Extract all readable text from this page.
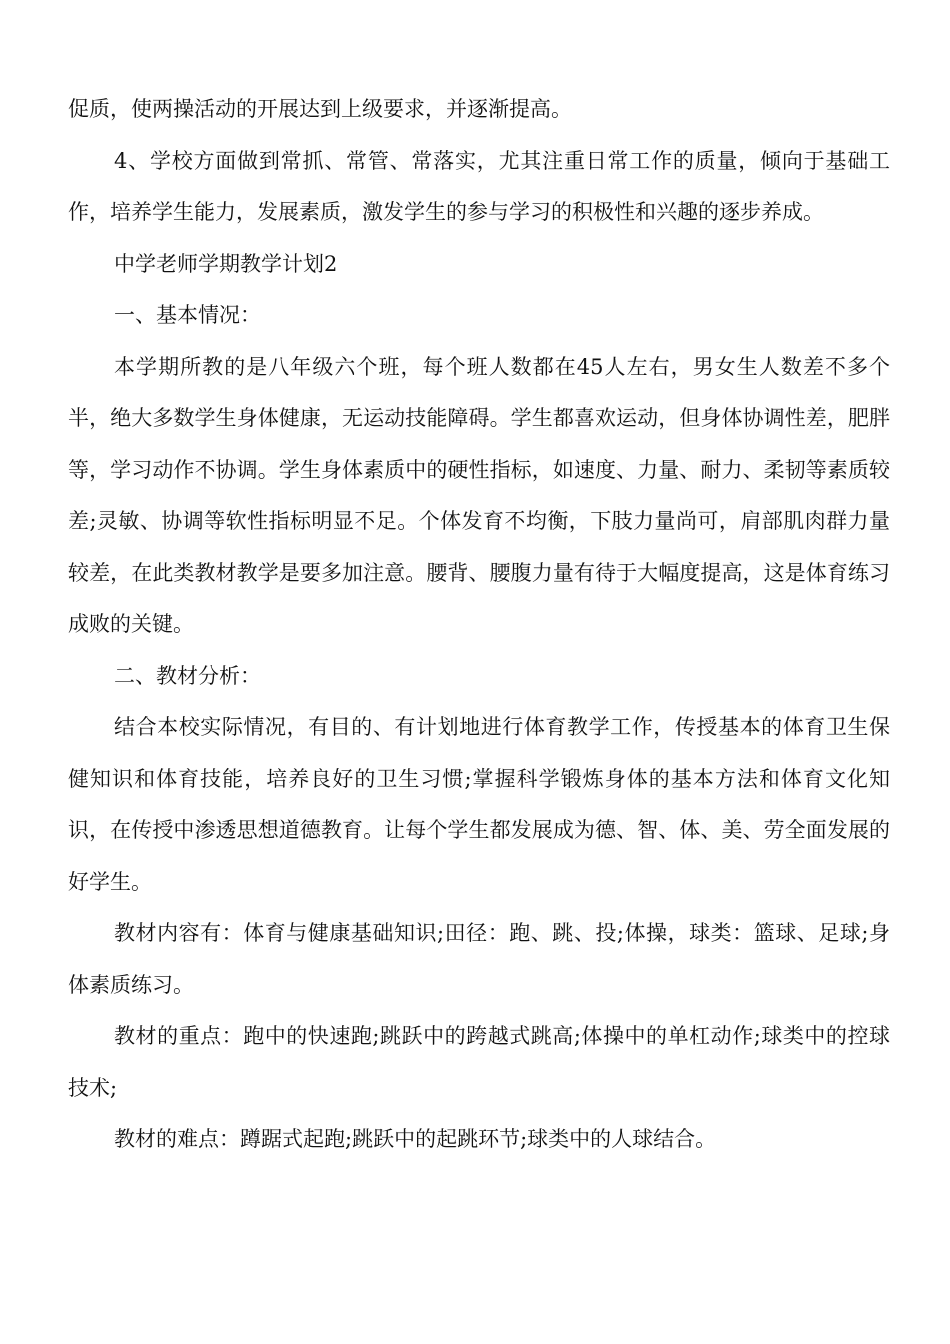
促质，使两操活动的开展达到上级要求，并逐渐提高。

4、学校方面做到常抓、常管、常落实，尤其注重日常工作的质量，倾向于基础工作，培养学生能力，发展素质，激发学生的参与学习的积极性和兴趣的逐步养成。

中学老师学期教学计划2

一、基本情况：

本学期所教的是八年级六个班，每个班人数都在45人左右，男女生人数差不多个半，绝大多数学生身体健康，无运动技能障碍。学生都喜欢运动，但身体协调性差，肥胖等，学习动作不协调。学生身体素质中的硬性指标，如速度、力量、耐力、柔韧等素质较差;灵敏、协调等软性指标明显不足。个体发育不均衡，下肢力量尚可，肩部肌肉群力量较差，在此类教材教学是要多加注意。腰背、腰腹力量有待于大幅度提高，这是体育练习成败的关键。

二、教材分析：

结合本校实际情况，有目的、有计划地进行体育教学工作，传授基本的体育卫生保健知识和体育技能，培养良好的卫生习惯;掌握科学锻炼身体的基本方法和体育文化知识，在传授中渗透思想道德教育。让每个学生都发展成为德、智、体、美、劳全面发展的好学生。

教材内容有：体育与健康基础知识;田径：跑、跳、投;体操，球类：篮球、足球;身体素质练习。

教材的重点：跑中的快速跑;跳跃中的跨越式跳高;体操中的单杠动作;球类中的控球技术;

教材的难点：蹲踞式起跑;跳跃中的起跳环节;球类中的人球结合。
